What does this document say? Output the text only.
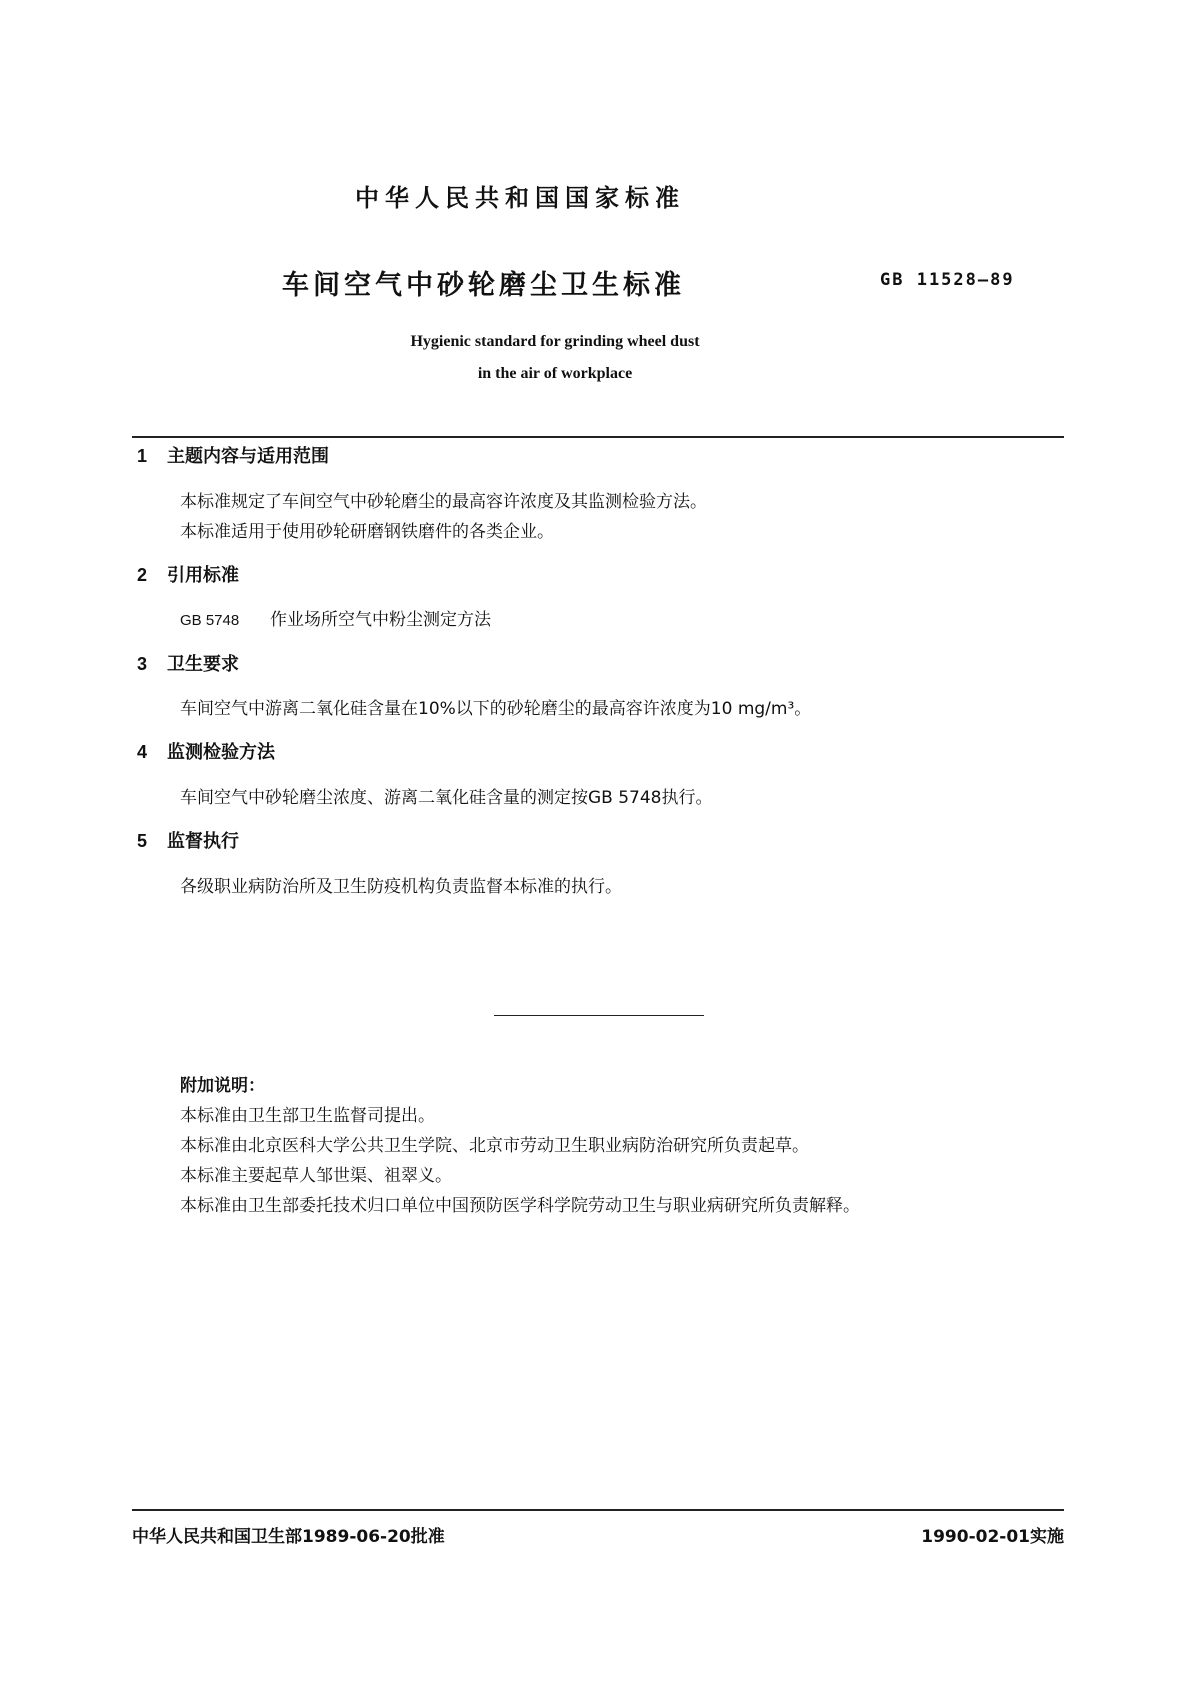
中华人民共和国国家标准
车间空气中砂轮磨尘卫生标准	GB 11528—89
Hygienic standard for grinding wheel dust
in the air of workplace
1 主题内容与适用范围
本标准规定了车间空气中砂轮磨尘的最高容许浓度及其监测检验方法。
本标准适用于使用砂轮研磨钢铁磨件的各类企业。
2 引用标准
GB 5748 作业场所空气中粉尘测定方法
3 卫生要求
车间空气中游离二氧化硅含量在10%以下的砂轮磨尘的最高容许浓度为10 mg/m³。
4 监测检验方法
车间空气中砂轮磨尘浓度、游离二氧化硅含量的测定按GB 5748执行。
5 监督执行
各级职业病防治所及卫生防疫机构负责监督本标准的执行。
附加说明：
本标准由卫生部卫生监督司提出。
本标准由北京医科大学公共卫生学院、北京市劳动卫生职业病防治研究所负责起草。
本标准主要起草人邹世渠、祖翠义。
本标准由卫生部委托技术归口单位中国预防医学科学院劳动卫生与职业病研究所负责解释。
中华人民共和国卫生部1989-06-20批准	1990-02-01实施
